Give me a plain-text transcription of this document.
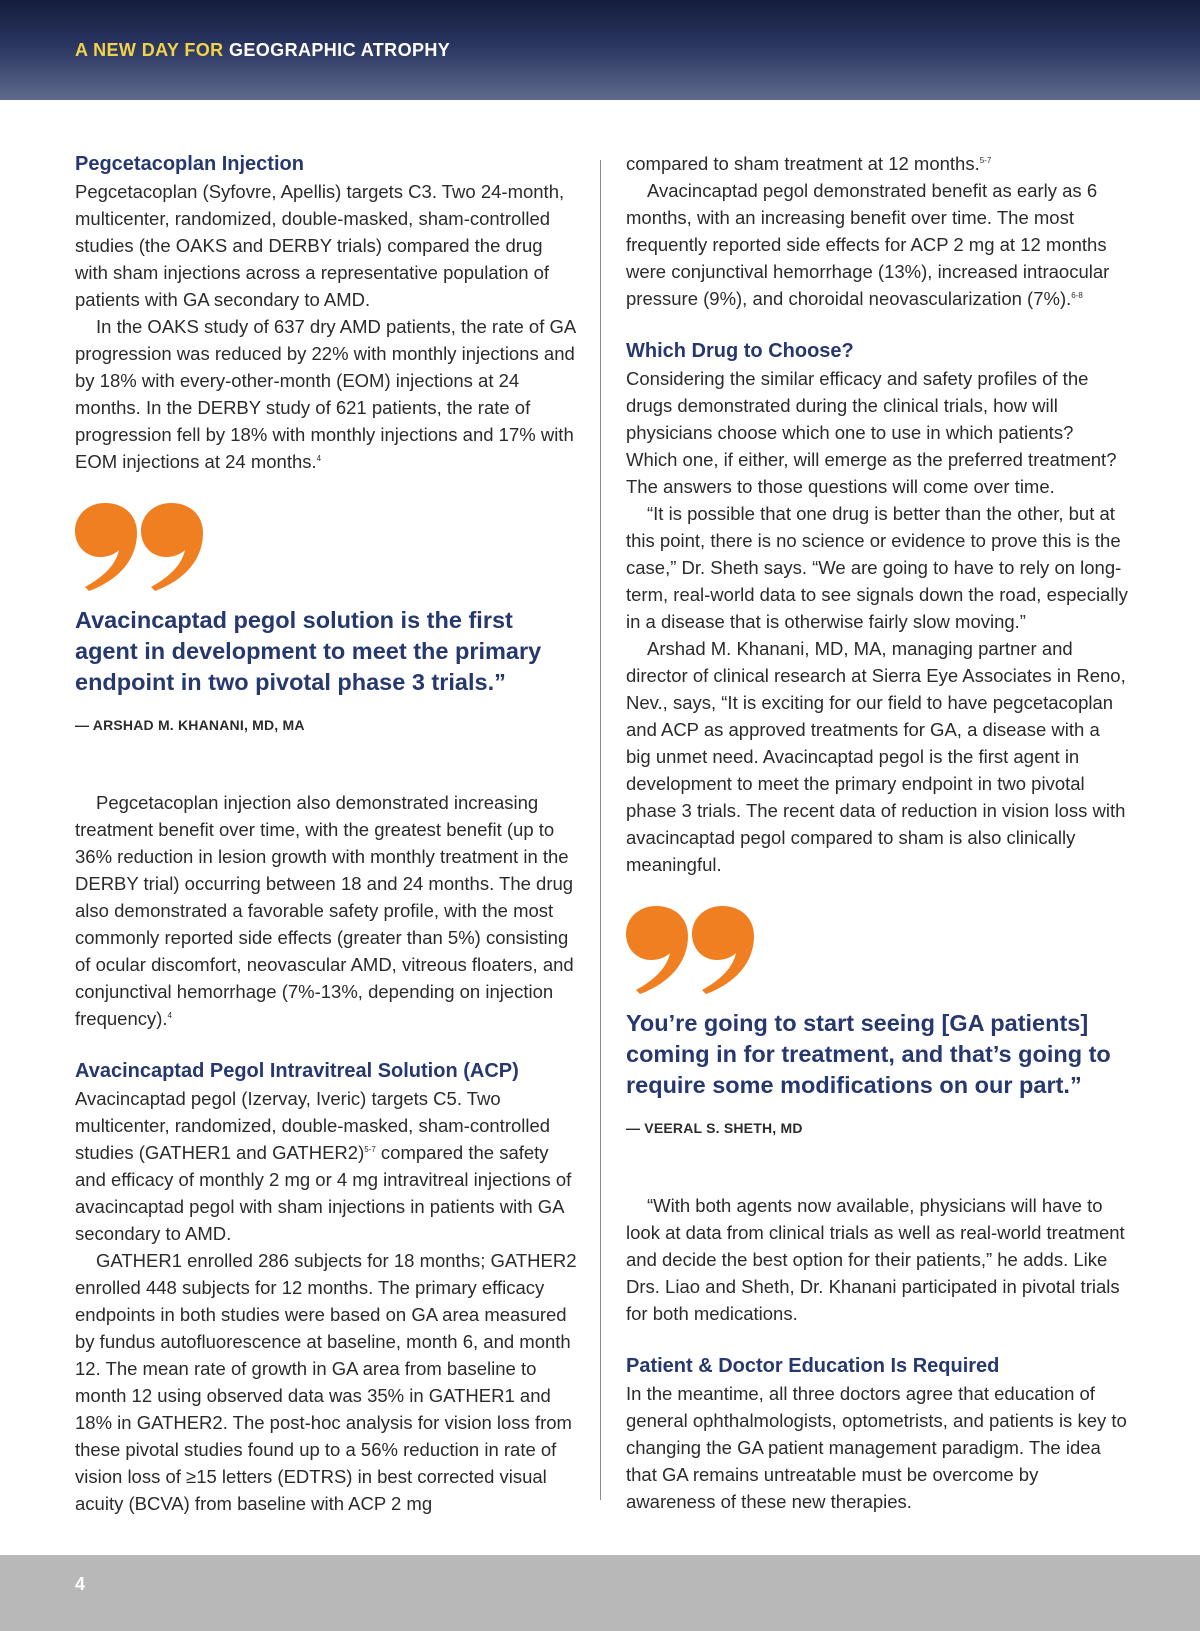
A NEW DAY FOR GEOGRAPHIC ATROPHY
Pegcetacoplan Injection
Pegcetacoplan (Syfovre, Apellis) targets C3. Two 24-month, multicenter, randomized, double-masked, sham-controlled studies (the OAKS and DERBY trials) compared the drug with sham injections across a representative population of patients with GA secondary to AMD.
In the OAKS study of 637 dry AMD patients, the rate of GA progression was reduced by 22% with monthly injections and by 18% with every-other-month (EOM) injections at 24 months. In the DERBY study of 621 patients, the rate of progression fell by 18% with monthly injections and 17% with EOM injections at 24 months.$^4$
Avacincaptad pegol solution is the first agent in development to meet the primary endpoint in two pivotal phase 3 trials.”
— ARSHAD M. KHANANI, MD, MA
Pegcetacoplan injection also demonstrated increasing treatment benefit over time, with the greatest benefit (up to 36% reduction in lesion growth with monthly treatment in the DERBY trial) occurring between 18 and 24 months. The drug also demonstrated a favorable safety profile, with the most commonly reported side effects (greater than 5%) consisting of ocular discomfort, neovascular AMD, vitreous floaters, and conjunctival hemorrhage (7%-13%, depending on injection frequency).$^4$
Avacincaptad Pegol Intravitreal Solution (ACP)
Avacincaptad pegol (Izervay, Iveric) targets C5. Two multicenter, randomized, double-masked, sham-controlled studies (GATHER1 and GATHER2)$^{5-7}$ compared the safety and efficacy of monthly 2 mg or 4 mg intravitreal injections of avacincaptad pegol with sham injections in patients with GA secondary to AMD.
GATHER1 enrolled 286 subjects for 18 months; GATHER2 enrolled 448 subjects for 12 months. The primary efficacy endpoints in both studies were based on GA area measured by fundus autofluorescence at baseline, month 6, and month 12. The mean rate of growth in GA area from baseline to month 12 using observed data was 35% in GATHER1 and 18% in GATHER2. The post-hoc analysis for vision loss from these pivotal studies found up to a 56% reduction in rate of vision loss of ≥15 letters (EDTRS) in best corrected visual acuity (BCVA) from baseline with ACP 2 mg
compared to sham treatment at 12 months.$^{5-7}$
Avacincaptad pegol demonstrated benefit as early as 6 months, with an increasing benefit over time. The most frequently reported side effects for ACP 2 mg at 12 months were conjunctival hemorrhage (13%), increased intraocular pressure (9%), and choroidal neovascularization (7%).$^{6-8}$
Which Drug to Choose?
Considering the similar efficacy and safety profiles of the drugs demonstrated during the clinical trials, how will physicians choose which one to use in which patients? Which one, if either, will emerge as the preferred treatment? The answers to those questions will come over time.
“It is possible that one drug is better than the other, but at this point, there is no science or evidence to prove this is the case,” Dr. Sheth says. “We are going to have to rely on long-term, real-world data to see signals down the road, especially in a disease that is otherwise fairly slow moving.”
Arshad M. Khanani, MD, MA, managing partner and director of clinical research at Sierra Eye Associates in Reno, Nev., says, “It is exciting for our field to have pegcetacoplan and ACP as approved treatments for GA, a disease with a big unmet need. Avacincaptad pegol is the first agent in development to meet the primary endpoint in two pivotal phase 3 trials. The recent data of reduction in vision loss with avacincaptad pegol compared to sham is also clinically meaningful.
You’re going to start seeing [GA patients] coming in for treatment, and that’s going to require some modifications on our part.”
— VEERAL S. SHETH, MD
“With both agents now available, physicians will have to look at data from clinical trials as well as real-world treatment and decide the best option for their patients,” he adds. Like Drs. Liao and Sheth, Dr. Khanani participated in pivotal trials for both medications.
Patient & Doctor Education Is Required
In the meantime, all three doctors agree that education of general ophthalmologists, optometrists, and patients is key to changing the GA patient management paradigm. The idea that GA remains untreatable must be overcome by awareness of these new therapies.
4
